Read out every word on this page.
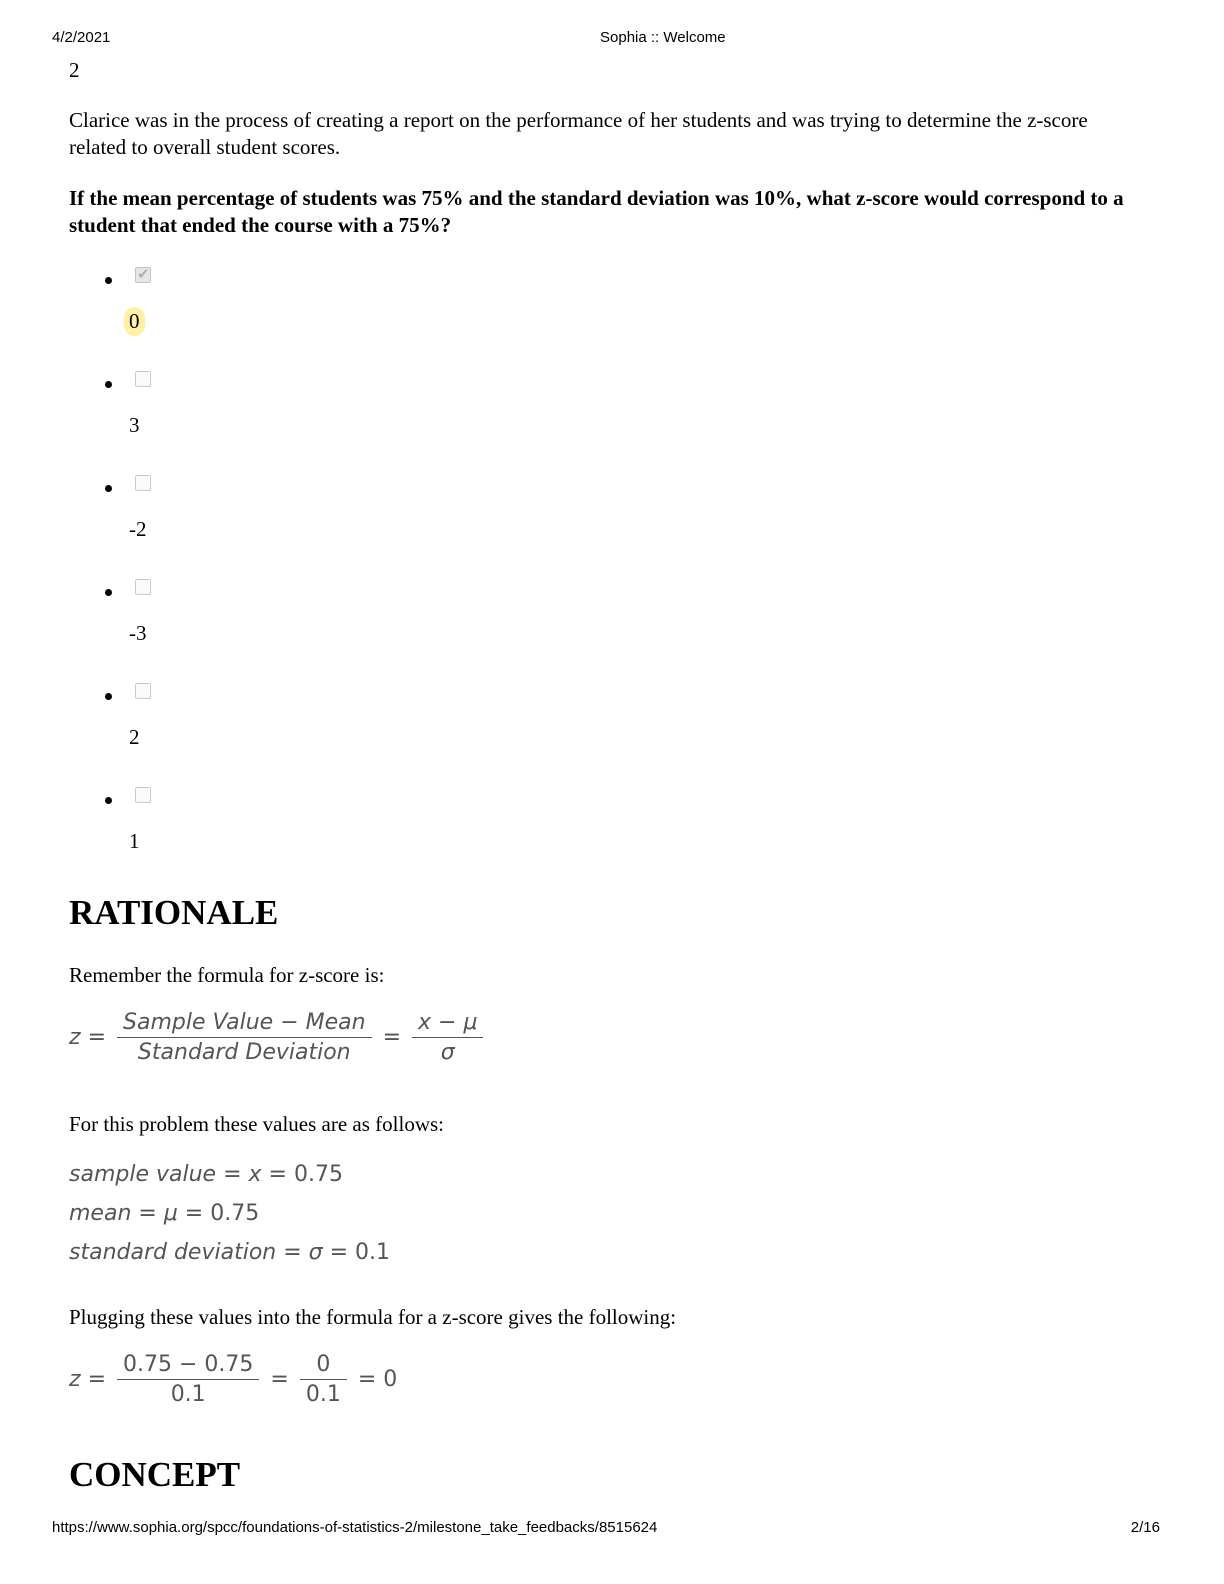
4/2/2021	Sophia :: Welcome
2

Clarice was in the process of creating a report on the performance of her students and was trying to determine the z-score related to overall student scores.

If the mean percentage of students was 75% and the standard deviation was 10%, what z-score would correspond to a student that ended the course with a 75%?

✔
0
3
-2
-3
2
1
RATIONALE

Remember the formula for z-score is:

$z = \frac{\text{Sample Value − Mean}}{\text{Standard Deviation}} = \frac{x - \mu}{\sigma}$

For this problem these values are as follows:

sample value = x = 0.75
mean = μ = 0.75
standard deviation = σ = 0.1

Plugging these values into the formula for a z-score gives the following:

$z = \frac{0.75 - 0.75}{0.1} = \frac{0}{0.1} = 0$
CONCEPT
https://www.sophia.org/spcc/foundations-of-statistics-2/milestone_take_feedbacks/8515624	2/16
